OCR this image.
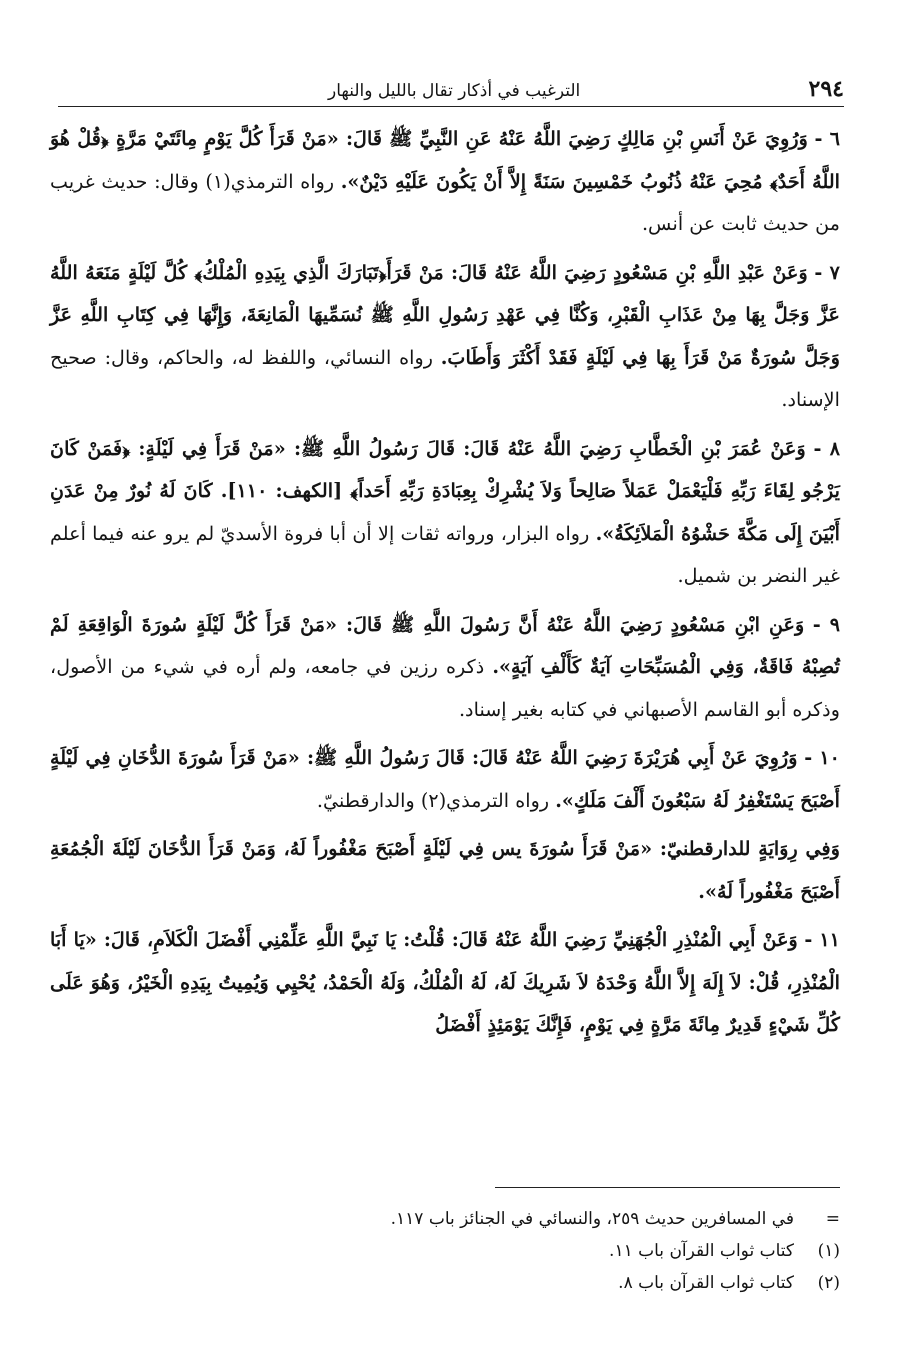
٢٩٤
الترغيب في أذكار تقال بالليل والنهار

٦ - وَرُوِيَ عَنْ أَنَسِ بْنِ مَالِكٍ رَضِيَ اللَّهُ عَنْهُ عَنِ النَّبِيِّ ﷺ قَالَ: «مَنْ قَرَأَ كُلَّ يَوْمٍ مِائَتَيْ مَرَّةٍ ﴿قُلْ هُوَ اللَّهُ أَحَدٌ﴾ مُحِيَ عَنْهُ ذُنُوبُ خَمْسِينَ سَنَةً إِلاَّ أَنْ يَكُونَ عَلَيْهِ دَيْنٌ». رواه الترمذي(١) وقال: حديث غريب من حديث ثابت عن أنس.

٧ - وَعَنْ عَبْدِ اللَّهِ بْنِ مَسْعُودٍ رَضِيَ اللَّهُ عَنْهُ قَالَ: مَنْ قَرَأَ﴿تَبَارَكَ الَّذِي بِيَدِهِ الْمُلْكُ﴾ كُلَّ لَيْلَةٍ مَنَعَهُ اللَّهُ عَزَّ وَجَلَّ بِهَا مِنْ عَذَابِ الْقَبْرِ، وَكُنَّا فِي عَهْدِ رَسُولِ اللَّهِ ﷺ نُسَمِّيهَا الْمَانِعَةَ، وَإِنَّهَا فِي كِتَابِ اللَّهِ عَزَّ وَجَلَّ سُورَةٌ مَنْ قَرَأَ بِهَا فِي لَيْلَةٍ فَقَدْ أَكْثَرَ وَأَطَابَ. رواه النسائي، واللفظ له، والحاكم، وقال: صحيح الإسناد.

٨ - وَعَنْ عُمَرَ بْنِ الْخَطَّابِ رَضِيَ اللَّهُ عَنْهُ قَالَ: قَالَ رَسُولُ اللَّهِ ﷺ: «مَنْ قَرَأَ فِي لَيْلَةٍ: ﴿فَمَنْ كَانَ يَرْجُو لِقَاءَ رَبِّهِ فَلْيَعْمَلْ عَمَلاً صَالِحاً وَلاَ يُشْرِكْ بِعِبَادَةِ رَبِّهِ أَحَداً﴾ [الكهف: ١١٠]. كَانَ لَهُ نُورٌ مِنْ عَدَنِ أَبْيَنَ إِلَى مَكَّةَ حَشْوُهُ الْمَلاَئِكَةُ». رواه البزار، ورواته ثقات إلا أن أبا فروة الأسديّ لم يرو عنه فيما أعلم غير النضر بن شميل.

٩ - وَعَنِ ابْنِ مَسْعُودٍ رَضِيَ اللَّهُ عَنْهُ أَنَّ رَسُولَ اللَّهِ ﷺ قَالَ: «مَنْ قَرَأَ كُلَّ لَيْلَةٍ سُورَةَ الْوَاقِعَةِ لَمْ تُصِبْهُ فَاقَةٌ، وَفِي الْمُسَبِّحَاتِ آيَةٌ كَأَلْفِ آيَةٍ». ذكره رزين في جامعه، ولم أره في شيء من الأصول، وذكره أبو القاسم الأصبهاني في كتابه بغير إسناد.

١٠ - وَرُوِيَ عَنْ أَبِي هُرَيْرَةَ رَضِيَ اللَّهُ عَنْهُ قَالَ: قَالَ رَسُولُ اللَّهِ ﷺ: «مَنْ قَرَأَ سُورَةَ الدُّخَانِ فِي لَيْلَةٍ أَصْبَحَ يَسْتَغْفِرُ لَهُ سَبْعُونَ أَلْفَ مَلَكٍ». رواه الترمذي(٢) والدارقطنيّ.

وَفِي رِوَايَةٍ للدارقطنيّ: «مَنْ قَرَأَ سُورَةَ يس فِي لَيْلَةٍ أَصْبَحَ مَغْفُوراً لَهُ، وَمَنْ قَرَأَ الدُّخَانَ لَيْلَةَ الْجُمُعَةِ أَصْبَحَ مَغْفُوراً لَهُ».

١١ - وَعَنْ أَبِي الْمُنْذِرِ الْجُهَنِيِّ رَضِيَ اللَّهُ عَنْهُ قَالَ: قُلْتُ: يَا نَبِيَّ اللَّهِ عَلِّمْنِي أَفْضَلَ الْكَلاَمِ، قَالَ: «يَا أَبَا الْمُنْذِرِ، قُلْ: لاَ إِلَهَ إِلاَّ اللَّهُ وَحْدَهُ لاَ شَرِيكَ لَهُ، لَهُ الْمُلْكُ، وَلَهُ الْحَمْدُ، يُحْيِي وَيُمِيتُ بِيَدِهِ الْخَيْرُ، وَهُوَ عَلَى كُلِّ شَيْءٍ قَدِيرٌ مِائَةَ مَرَّةٍ فِي يَوْمٍ، فَإِنَّكَ يَوْمَئِذٍ أَفْضَلُ

=
في المسافرين حديث ٢٥٩، والنسائي في الجنائز باب ١١٧.
(١)
كتاب ثواب القرآن باب ١١.
(٢)
كتاب ثواب القرآن باب ٨.
